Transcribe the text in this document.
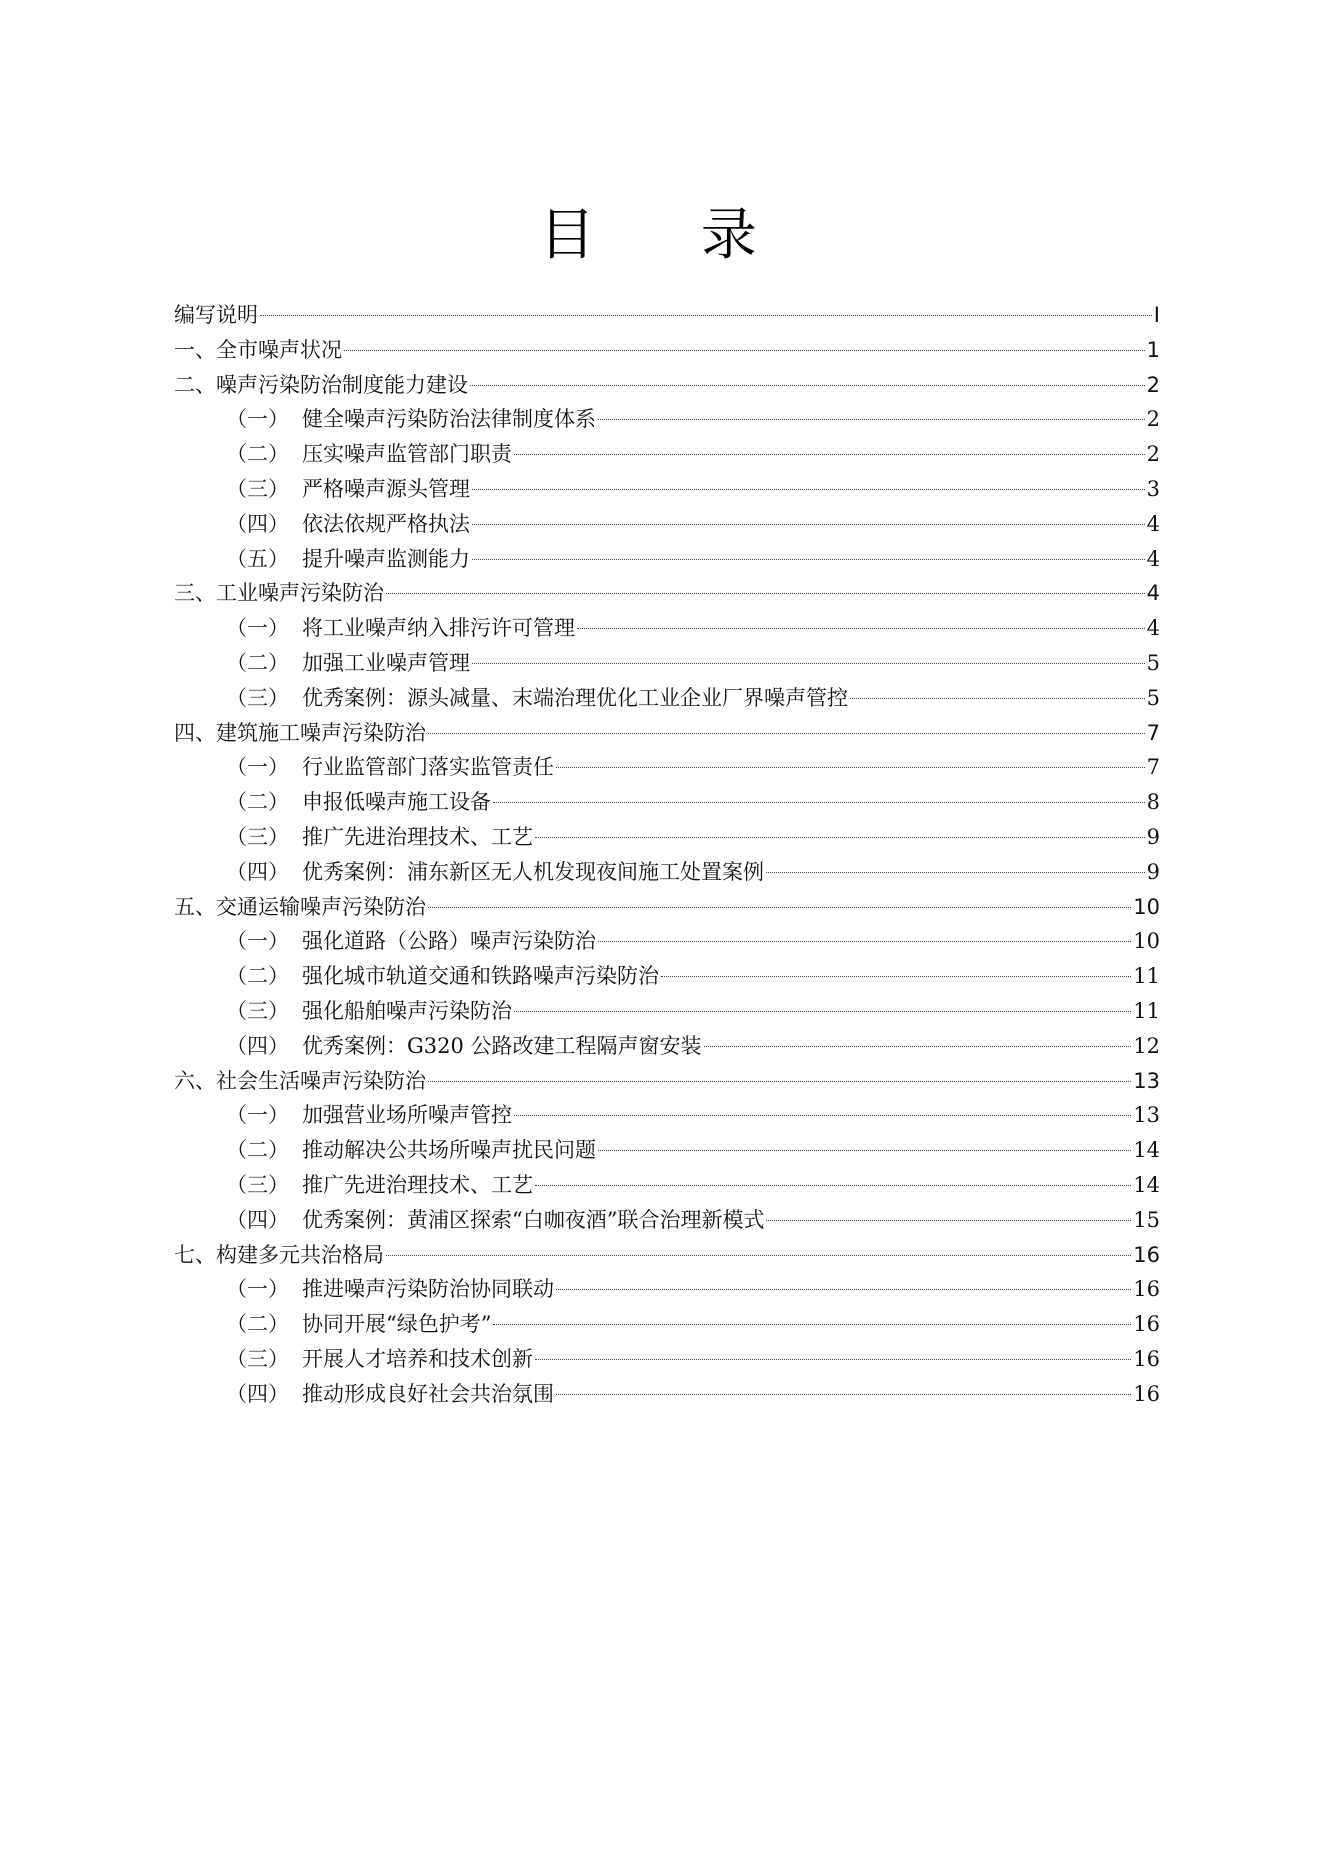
目 录
编写说明	I
一、全市噪声状况	1
二、噪声污染防治制度能力建设	2
（一） 健全噪声污染防治法律制度体系	2
（二） 压实噪声监管部门职责	2
（三） 严格噪声源头管理	3
（四） 依法依规严格执法	4
（五） 提升噪声监测能力	4
三、工业噪声污染防治	4
（一） 将工业噪声纳入排污许可管理	4
（二） 加强工业噪声管理	5
（三） 优秀案例：源头减量、末端治理优化工业企业厂界噪声管控	5
四、建筑施工噪声污染防治	7
（一） 行业监管部门落实监管责任	7
（二） 申报低噪声施工设备	8
（三） 推广先进治理技术、工艺	9
（四） 优秀案例：浦东新区无人机发现夜间施工处置案例	9
五、交通运输噪声污染防治	10
（一） 强化道路（公路）噪声污染防治	10
（二） 强化城市轨道交通和铁路噪声污染防治	11
（三） 强化船舶噪声污染防治	11
（四） 优秀案例：G320 公路改建工程隔声窗安装	12
六、社会生活噪声污染防治	13
（一） 加强营业场所噪声管控	13
（二） 推动解决公共场所噪声扰民问题	14
（三） 推广先进治理技术、工艺	14
（四） 优秀案例：黄浦区探索“白咖夜酒”联合治理新模式	15
七、构建多元共治格局	16
（一） 推进噪声污染防治协同联动	16
（二） 协同开展“绿色护考”	16
（三） 开展人才培养和技术创新	16
（四） 推动形成良好社会共治氛围	16
